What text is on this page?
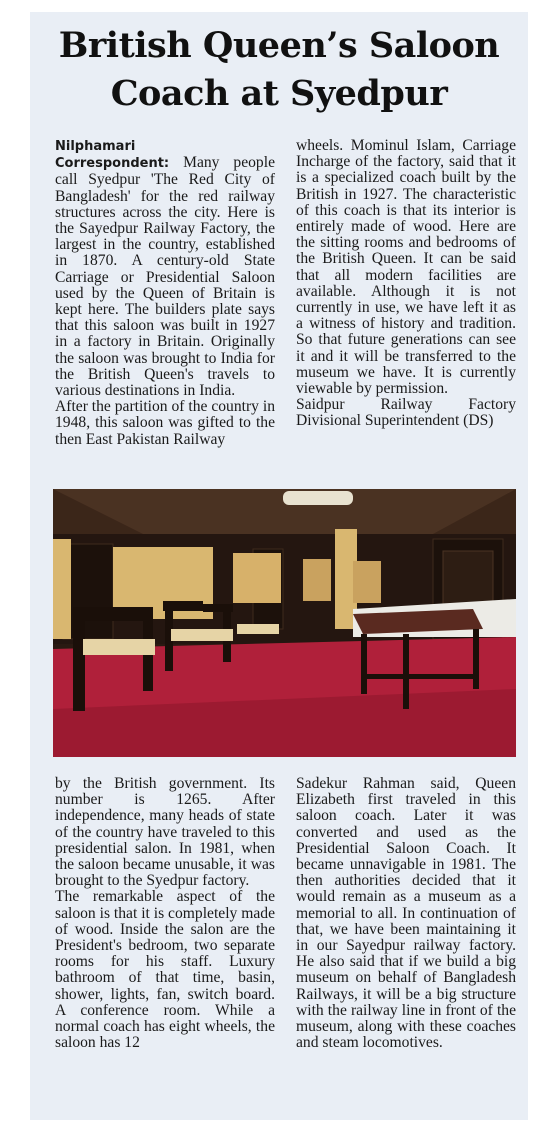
British Queen’s Saloon Coach at Syedpur

Nilphamari Correspondent: Many people call Syedpur 'The Red City of Bangladesh' for the red railway structures across the city. Here is the Sayedpur Railway Factory, the largest in the country, established in 1870. A century-old State Carriage or Presidential Saloon used by the Queen of Britain is kept here. The builders plate says that this saloon was built in 1927 in a factory in Britain. Originally the saloon was brought to India for the British Queen's travels to various destinations in India.

After the partition of the country in 1948, this saloon was gifted to the then East Pakistan Railway

wheels. Mominul Islam, Carriage Incharge of the factory, said that it is a specialized coach built by the British in 1927. The characteristic of this coach is that its interior is entirely made of wood. Here are the sitting rooms and bedrooms of the British Queen. It can be said that all modern facilities are available. Although it is not currently in use, we have left it as a witness of history and tradition. So that future generations can see it and it will be transferred to the museum we have. It is currently viewable by permission.

Saidpur Railway Factory Divisional Superintendent (DS)

by the British government. Its number is 1265. After independence, many heads of state of the country have traveled to this presidential salon. In 1981, when the saloon became unusable, it was brought to the Syedpur factory.

The remarkable aspect of the saloon is that it is completely made of wood. Inside the salon are the President's bedroom, two separate rooms for his staff. Luxury bathroom of that time, basin, shower, lights, fan, switch board. A conference room. While a normal coach has eight wheels, the saloon has 12

Sadekur Rahman said, Queen Elizabeth first traveled in this saloon coach. Later it was converted and used as the Presidential Saloon Coach. It became unnavigable in 1981. The then authorities decided that it would remain as a museum as a memorial to all. In continuation of that, we have been maintaining it in our Sayedpur railway factory. He also said that if we build a big museum on behalf of Bangladesh Railways, it will be a big structure with the railway line in front of the museum, along with these coaches and steam locomotives.
